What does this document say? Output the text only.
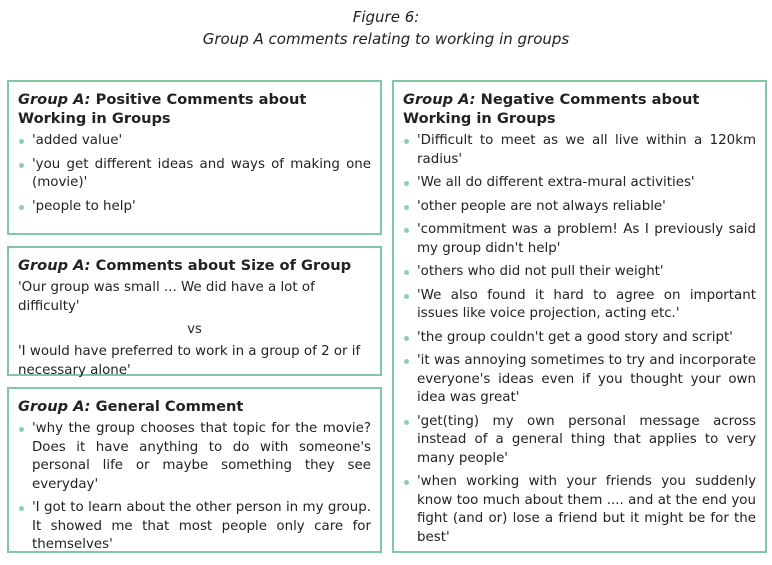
Figure 6:
Group A comments relating to working in groups
Group A: Positive Comments about Working in Groups
'added value'
'you get different ideas and ways of making one (movie)'
'people to help'
Group A: Comments about Size of Group

'Our group was small ... We did have a lot of difficulty'

vs

'I would have preferred to work in a group of 2 or if necessary alone'

Group A: General Comment
'why the group chooses that topic for the movie? Does it have anything to do with someone's personal life or maybe something they see everyday'
'I got to learn about the other person in my group. It showed me that most people only care for themselves'
Group A: Negative Comments about Working in Groups
'Difficult to meet as we all live within a 120km radius'
'We all do different extra-mural activities'
'other people are not always reliable'
'commitment was a problem! As I previously said my group didn't help'
'others who did not pull their weight'
'We also found it hard to agree on important issues like voice projection, acting etc.'
'the group couldn't get a good story and script'
'it was annoying sometimes to try and incorporate everyone's ideas even if you thought your own idea was great'
'get(ting) my own personal message across instead of a general thing that applies to very many people'
'when working with your friends you suddenly know too much about them .... and at the end you fight (and or) lose a friend but it might be for the best'
